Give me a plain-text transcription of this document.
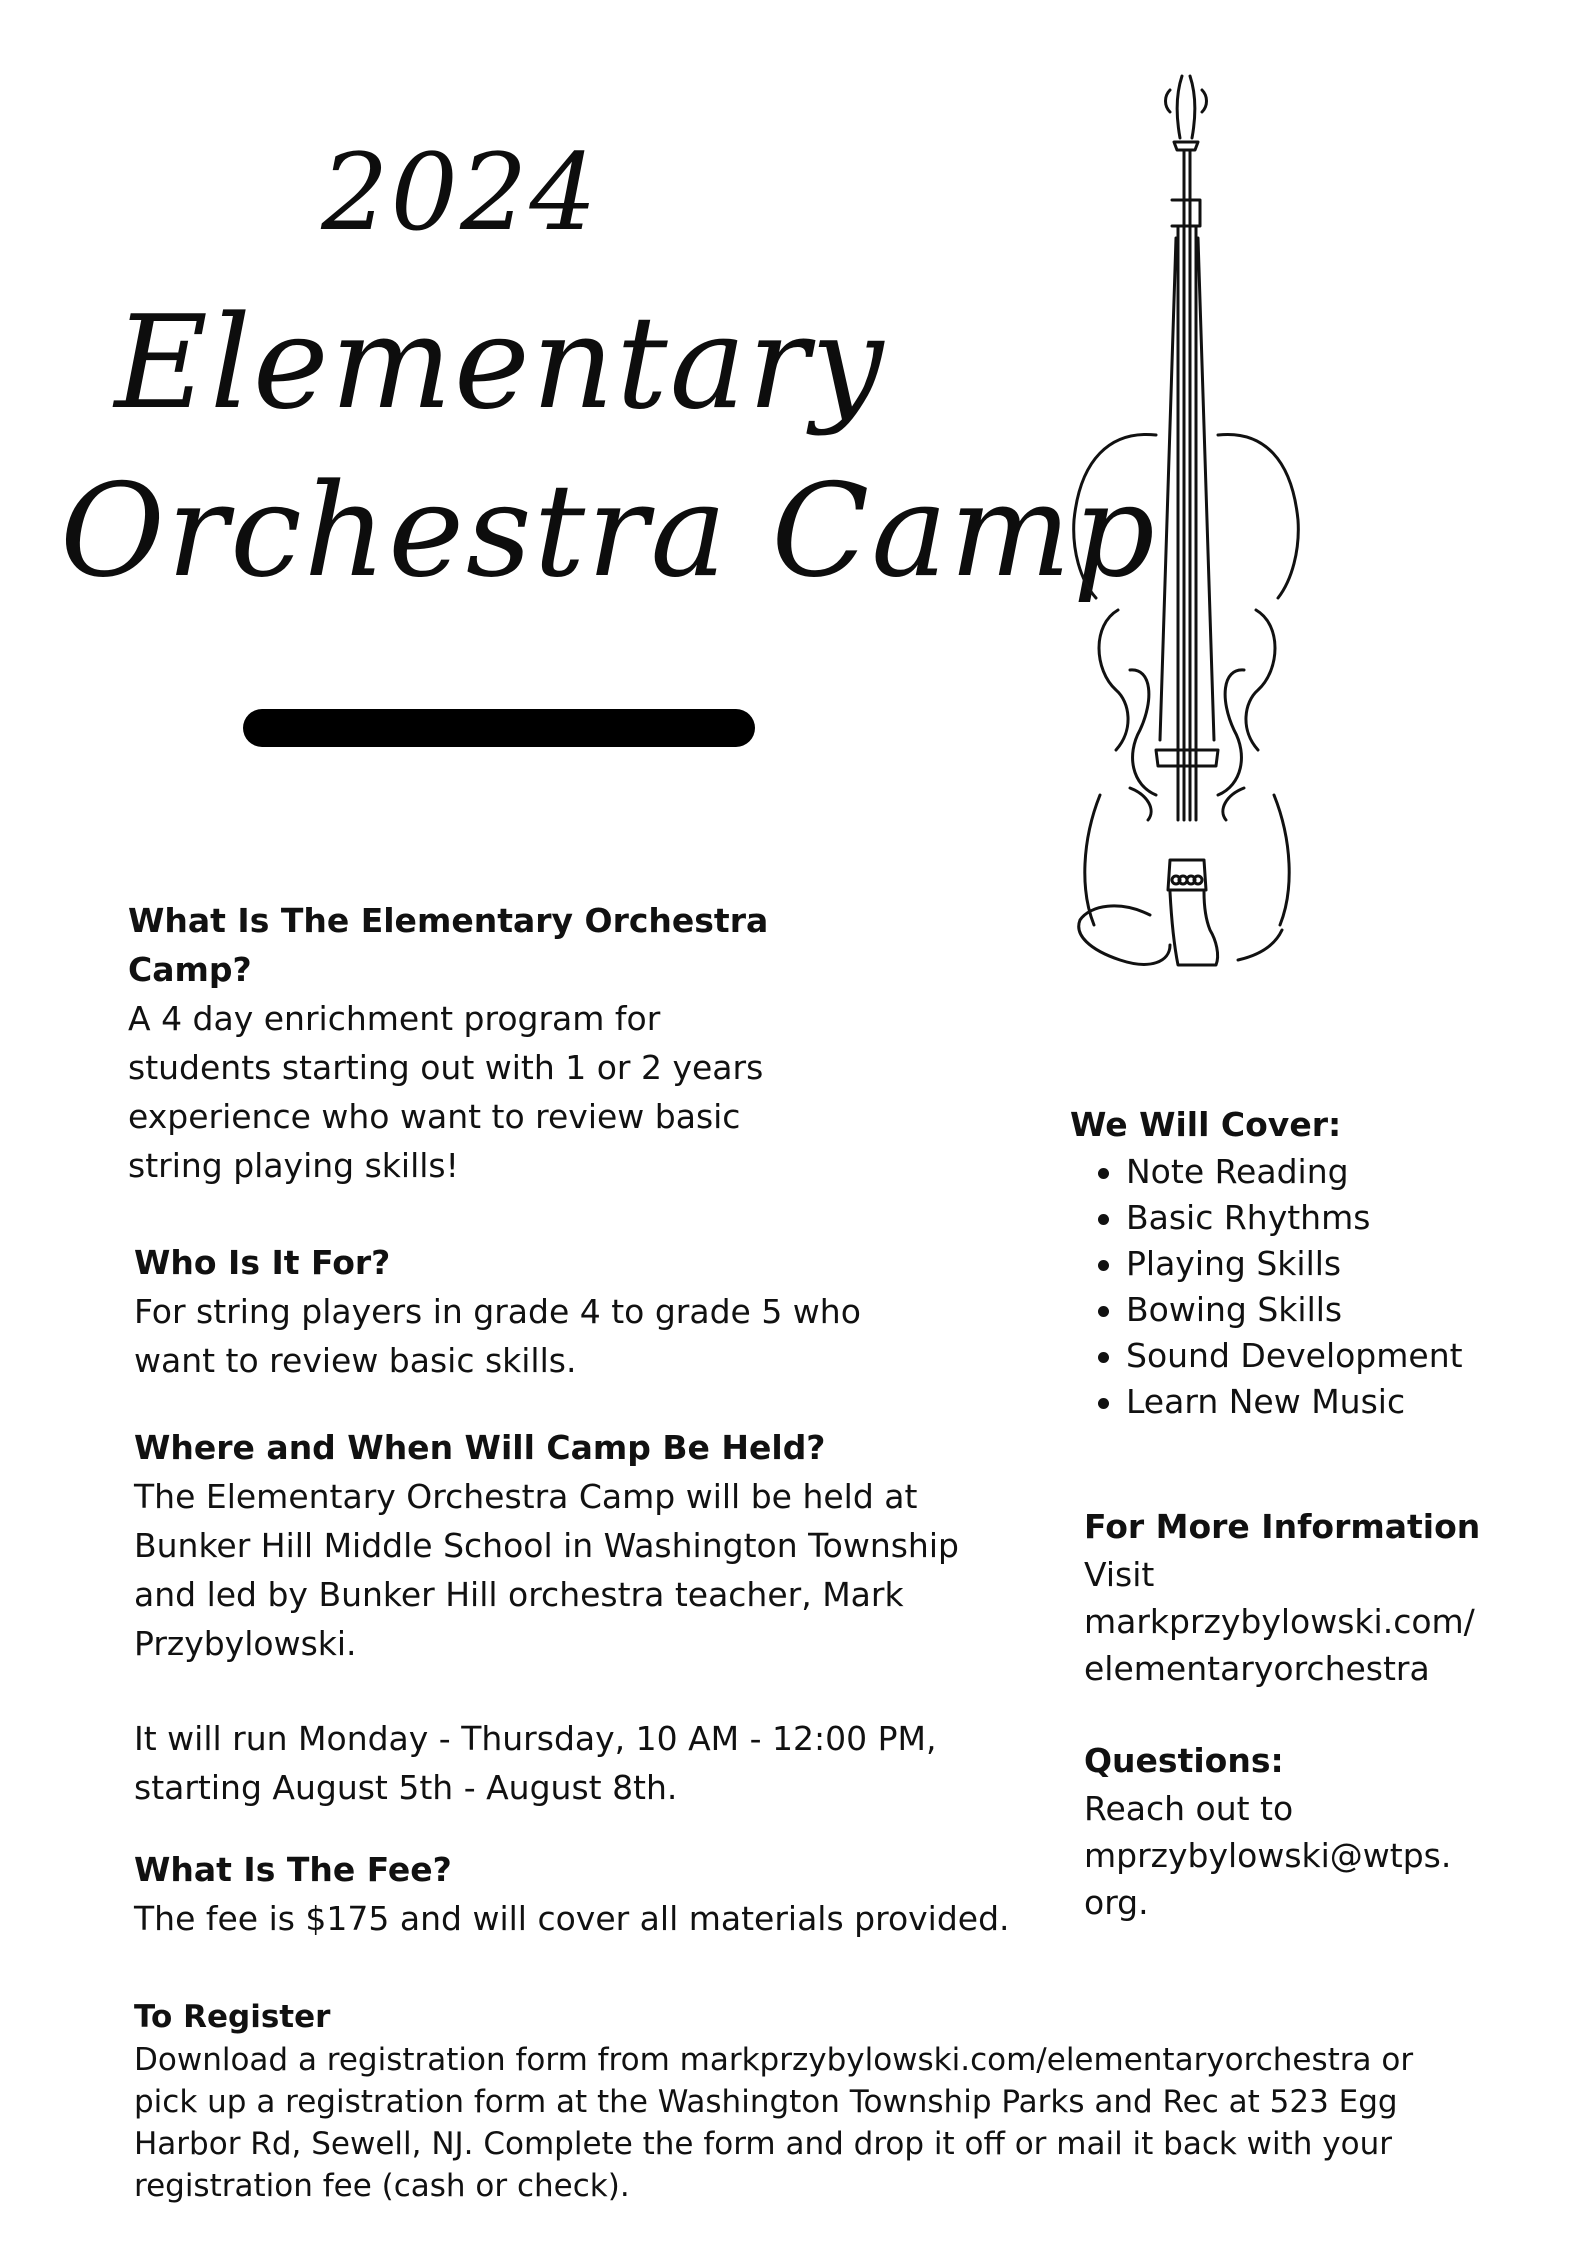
2024
Elementary
Orchestra Camp
What Is The Elementary Orchestra Camp?

A 4 day enrichment program for students starting out with 1 or 2 years experience who want to review basic string playing skills!

Who Is It For?

For string players in grade 4 to grade 5 who want to review basic skills.

Where and When Will Camp Be Held?

The Elementary Orchestra Camp will be held at Bunker Hill Middle School in Washington Township and led by Bunker Hill orchestra teacher, Mark Przybylowski.

It will run Monday - Thursday, 10 AM - 12:00 PM, starting August 5th - August 8th.

What Is The Fee?

The fee is $175 and will cover all materials provided.

To Register

Download a registration form from markprzybylowski.com/elementaryorchestra or pick up a registration form at the Washington Township Parks and Rec at 523 Egg Harbor Rd, Sewell, NJ. Complete the form and drop it off or mail it back with your registration fee (cash or check).

We Will Cover:
Note Reading
Basic Rhythms
Playing Skills
Bowing Skills
Sound Development
Learn New Music
For More Information

Visit

markprzybylowski.com/

elementaryorchestra

Questions:

Reach out to

mprzybylowski@wtps.

org.
